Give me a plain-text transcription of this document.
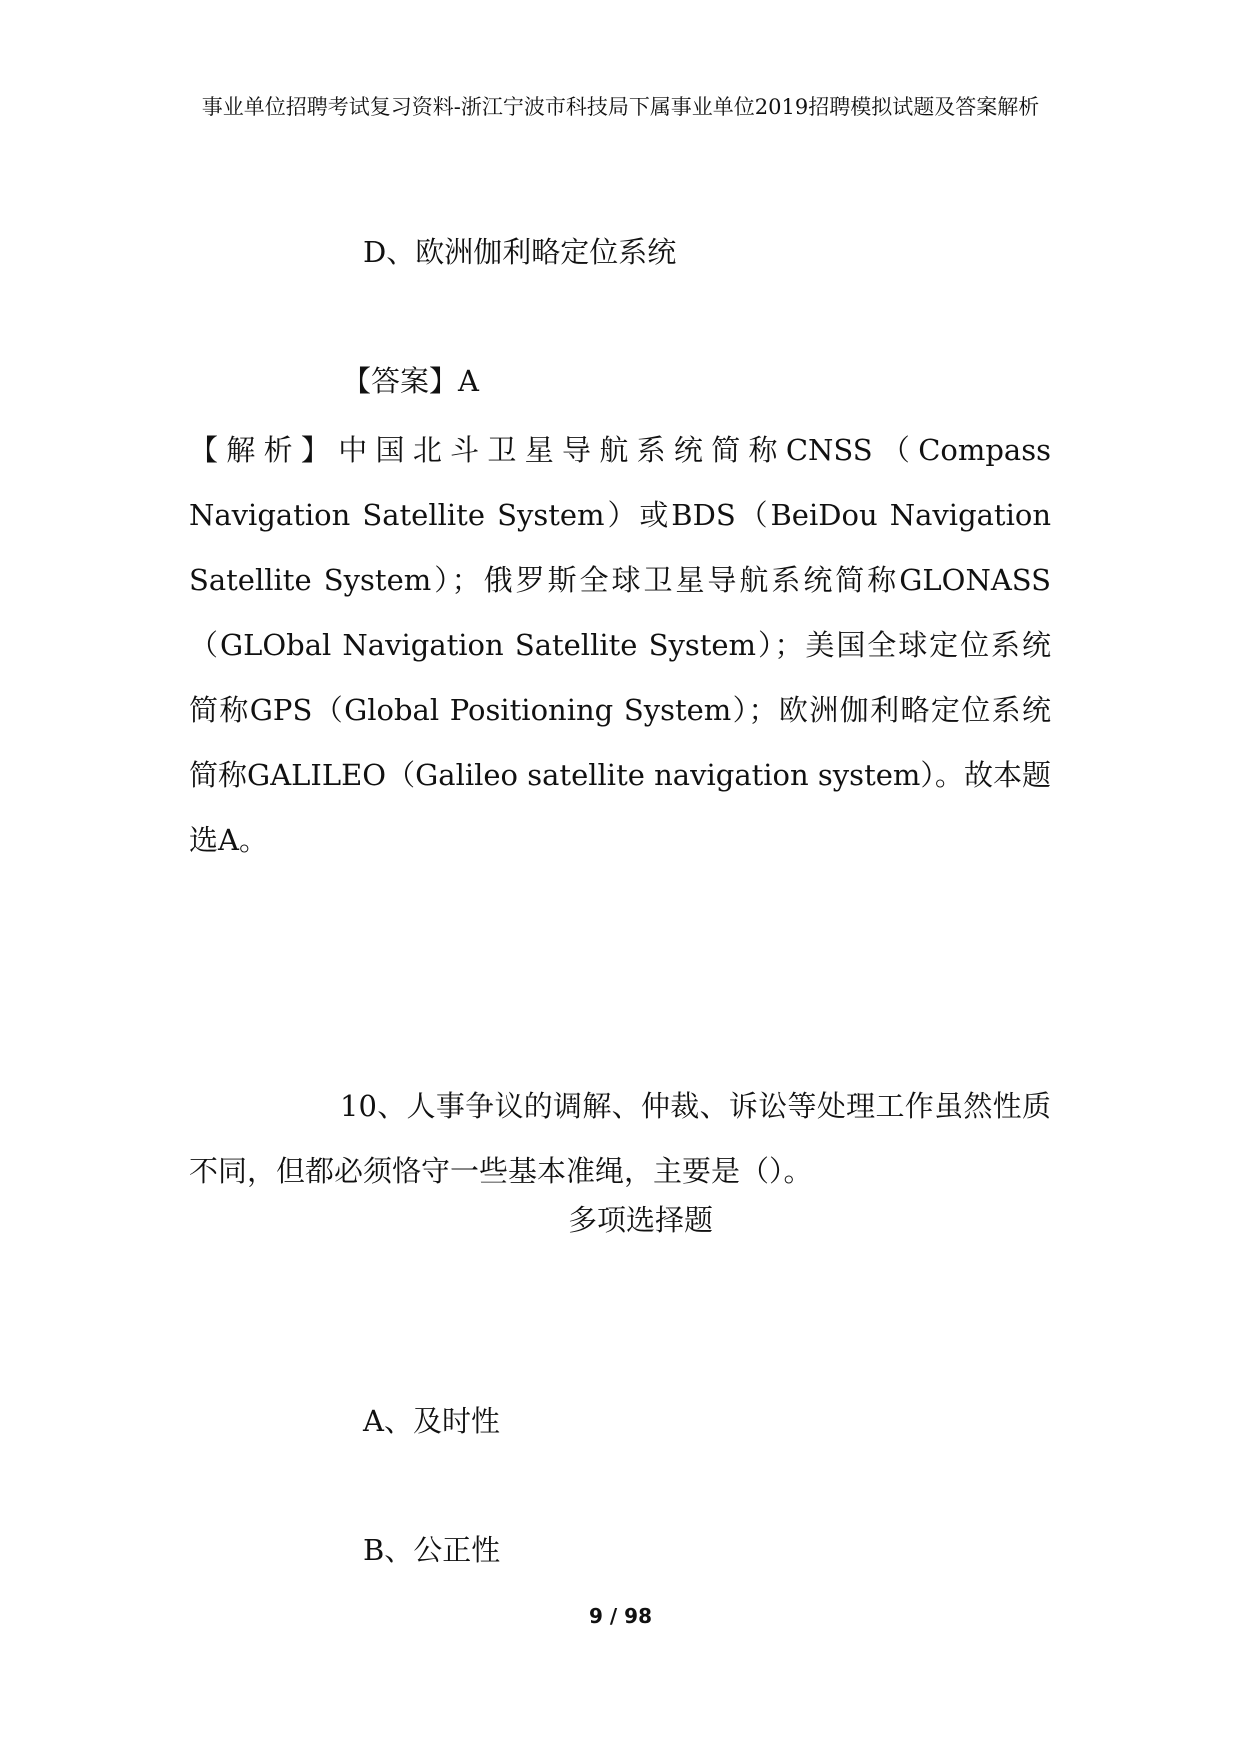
事业单位招聘考试复习资料-浙江宁波市科技局下属事业单位2019招聘模拟试题及答案解析
D、欧洲伽利略定位系统
【答案】A
【解析】中国北斗卫星导航系统简称CNSS（Compass Navigation Satellite System）或BDS（BeiDou Navigation Satellite System）；俄罗斯全球卫星导航系统简称GLONASS（GLObal Navigation Satellite System）；美国全球定位系统简称GPS（Global Positioning System）；欧洲伽利略定位系统简称GALILEO（Galileo satellite navigation system）。故本题选A。
10、人事争议的调解、仲裁、诉讼等处理工作虽然性质不同，但都必须恪守一些基本准绳，主要是（）。
多项选择题
A、及时性
B、公正性
9 / 98
